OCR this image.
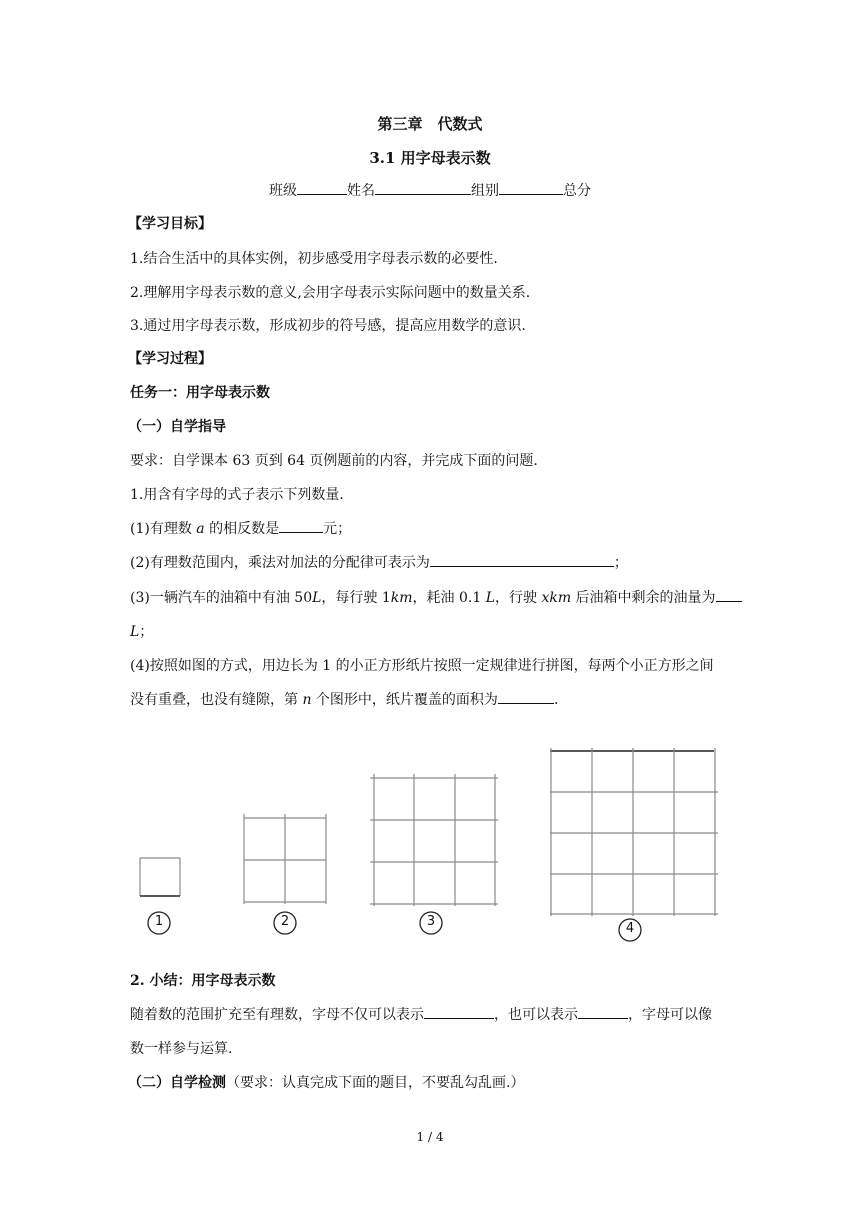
第三章　代数式
3.1 用字母表示数
班级	姓名	组别	总分
【学习目标】
1.结合生活中的具体实例，初步感受用字母表示数的必要性.
2.理解用字母表示数的意义,会用字母表示实际问题中的数量关系.
3.通过用字母表示数，形成初步的符号感，提高应用数学的意识.
【学习过程】
任务一：用字母表示数
（一）自学指导
要求：自学课本 63 页到 64 页例题前的内容，并完成下面的问题.
1.用含有字母的式子表示下列数量.
(1)有理数 a 的相反数是	元；
(2)有理数范围内，乘法对加法的分配律可表示为	；
(3)一辆汽车的油箱中有油 50L，每行驶 1km，耗油 0.1 L，行驶 xkm 后油箱中剩余的油量为
L；
(4)按照如图的方式，用边长为 1 的小正方形纸片按照一定规律进行拼图，每两个小正方形之间
没有重叠，也没有缝隙，第 n 个图形中，纸片覆盖的面积为	.
1	2	3	4
2. 小结：用字母表示数
随着数的范围扩充至有理数，字母不仅可以表示	，也可以表示	，字母可以像
数一样参与运算.
（二）自学检测（要求：认真完成下面的题目，不要乱勾乱画.）
1 / 4
